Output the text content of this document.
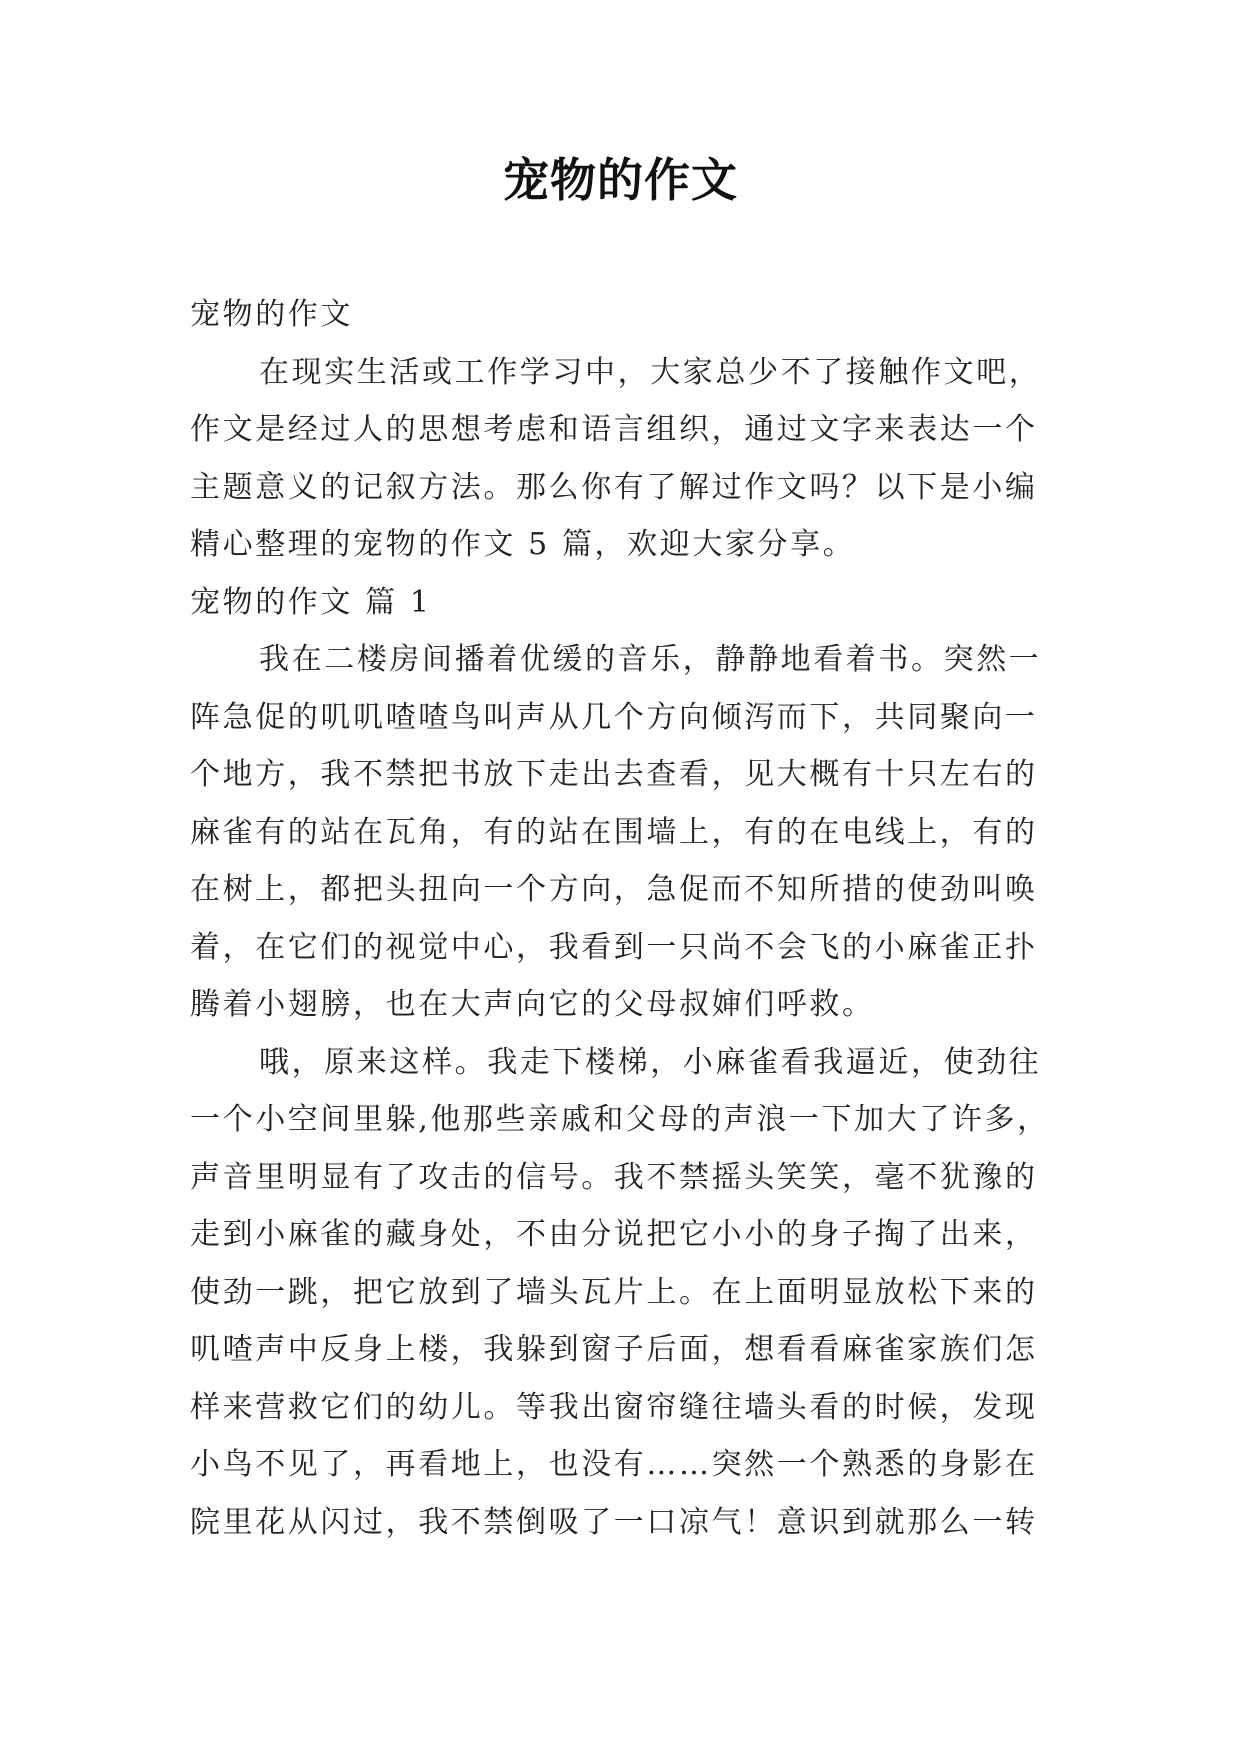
宠物的作文

宠物的作文

在现实生活或工作学习中，大家总少不了接触作文吧，

作文是经过人的思想考虑和语言组织，通过文字来表达一个

主题意义的记叙方法。那么你有了解过作文吗？以下是小编

精心整理的宠物的作文 5 篇，欢迎大家分享。

宠物的作文 篇 1

我在二楼房间播着优缓的音乐，静静地看着书。突然一

阵急促的叽叽喳喳鸟叫声从几个方向倾泻而下，共同聚向一

个地方，我不禁把书放下走出去查看，见大概有十只左右的

麻雀有的站在瓦角，有的站在围墙上，有的在电线上，有的

在树上，都把头扭向一个方向，急促而不知所措的使劲叫唤

着，在它们的视觉中心，我看到一只尚不会飞的小麻雀正扑

腾着小翅膀，也在大声向它的父母叔婶们呼救。

哦，原来这样。我走下楼梯，小麻雀看我逼近，使劲往

一个小空间里躲,他那些亲戚和父母的声浪一下加大了许多，

声音里明显有了攻击的信号。我不禁摇头笑笑，毫不犹豫的

走到小麻雀的藏身处，不由分说把它小小的身子掏了出来，

使劲一跳，把它放到了墙头瓦片上。在上面明显放松下来的

叽喳声中反身上楼，我躲到窗子后面，想看看麻雀家族们怎

样来营救它们的幼儿。等我出窗帘缝往墙头看的时候，发现

小鸟不见了，再看地上，也没有……突然一个熟悉的身影在

院里花从闪过，我不禁倒吸了一口凉气！意识到就那么一转
